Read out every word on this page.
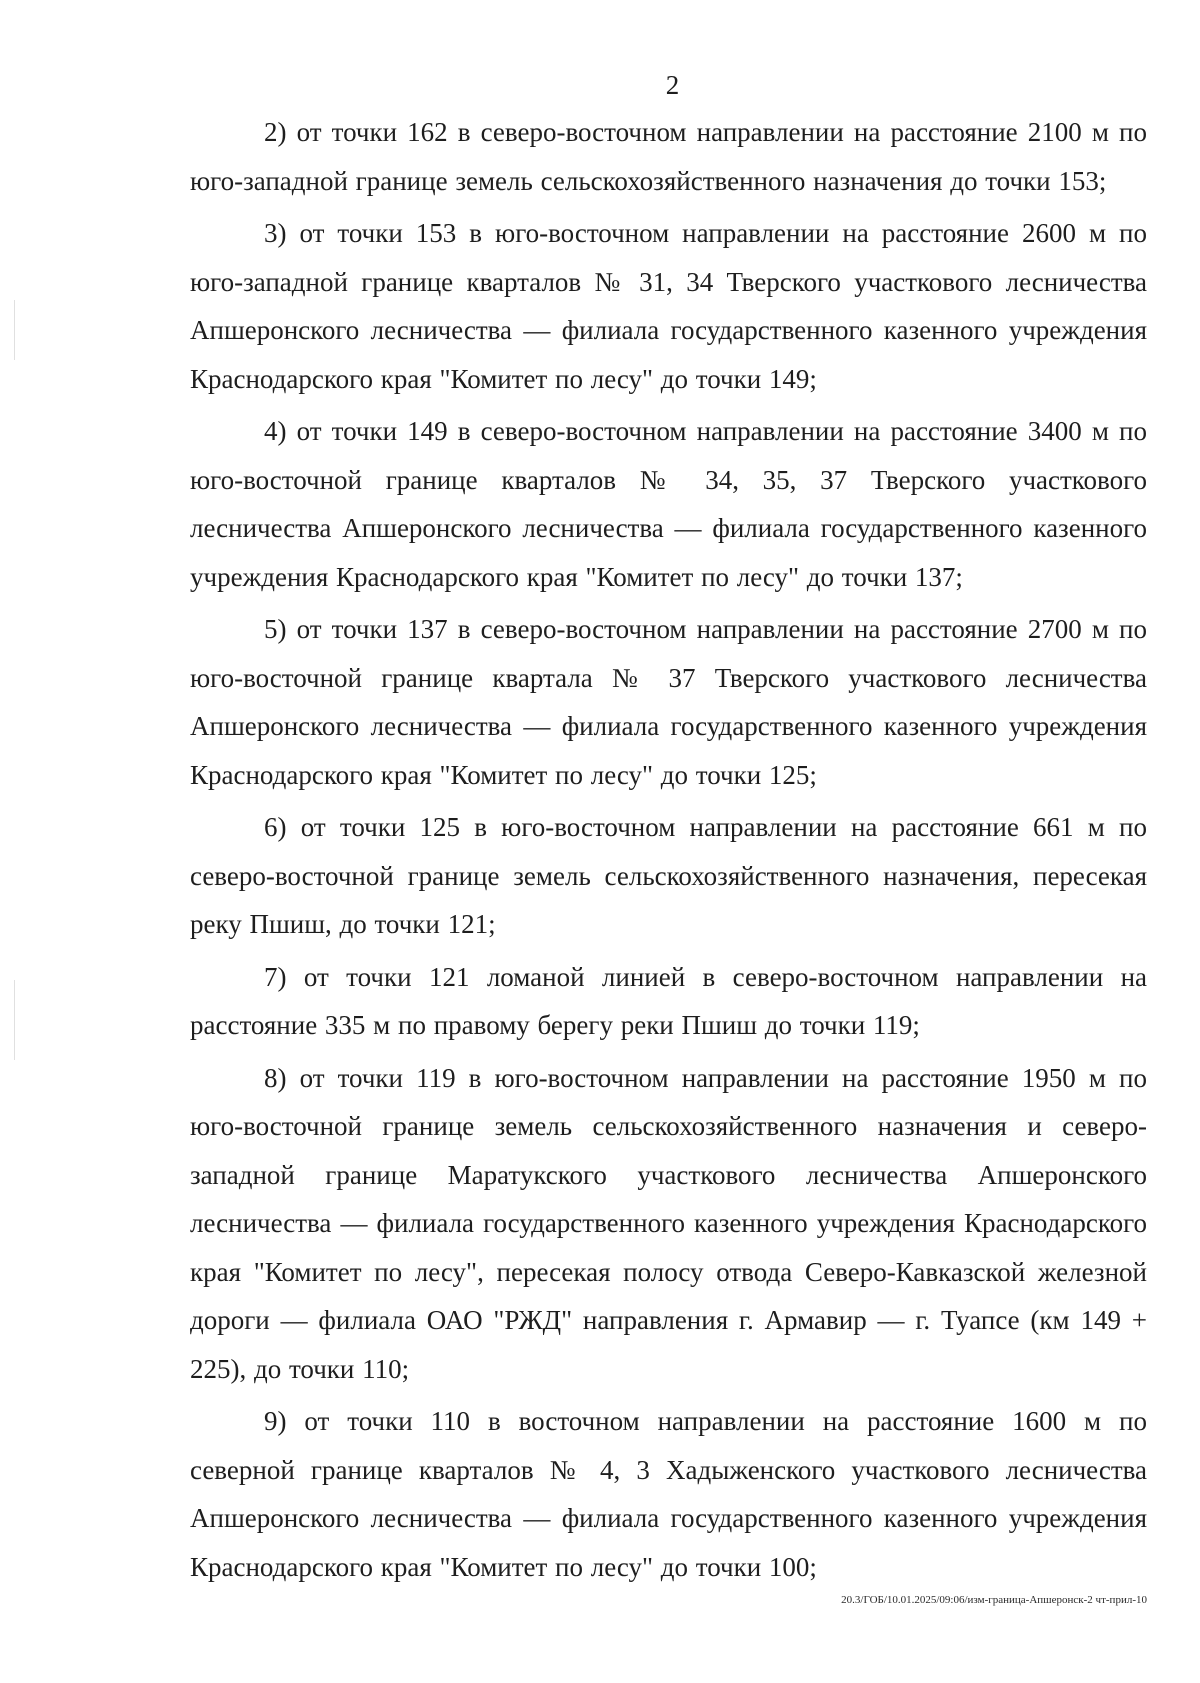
2

2) от точки 162 в северо-восточном направлении на расстояние 2100 м по юго-западной границе земель сельскохозяйственного назначения до точки 153;

3) от точки 153 в юго-восточном направлении на расстояние 2600 м по юго-западной границе кварталов № 31, 34 Тверского участкового лесничества Апшеронского лесничества — филиала государственного казенного учреждения Краснодарского края "Комитет по лесу" до точки 149;

4) от точки 149 в северо-восточном направлении на расстояние 3400 м по юго-восточной границе кварталов № 34, 35, 37 Тверского участкового лесничества Апшеронского лесничества — филиала государственного казенного учреждения Краснодарского края "Комитет по лесу" до точки 137;

5) от точки 137 в северо-восточном направлении на расстояние 2700 м по юго-восточной границе квартала № 37 Тверского участкового лесничества Апшеронского лесничества — филиала государственного казенного учреждения Краснодарского края "Комитет по лесу" до точки 125;

6) от точки 125 в юго-восточном направлении на расстояние 661 м по северо-восточной границе земель сельскохозяйственного назначения, пересекая реку Пшиш, до точки 121;

7) от точки 121 ломаной линией в северо-восточном направлении на расстояние 335 м по правому берегу реки Пшиш до точки 119;

8) от точки 119 в юго-восточном направлении на расстояние 1950 м по юго-восточной границе земель сельскохозяйственного назначения и северо-западной границе Маратукского участкового лесничества Апшеронского лесничества — филиала государственного казенного учреждения Краснодарского края "Комитет по лесу", пересекая полосу отвода Северо-Кавказской железной дороги — филиала ОАО "РЖД" направления г. Армавир — г. Туапсе (км 149 + 225), до точки 110;

9) от точки 110 в восточном направлении на расстояние 1600 м по северной границе кварталов № 4, 3 Хадыженского участкового лесничества Апшеронского лесничества — филиала государственного казенного учреждения Краснодарского края "Комитет по лесу" до точки 100;

20.3/ГОБ/10.01.2025/09:06/изм-граница-Апшеронск-2 чт-прил-10
